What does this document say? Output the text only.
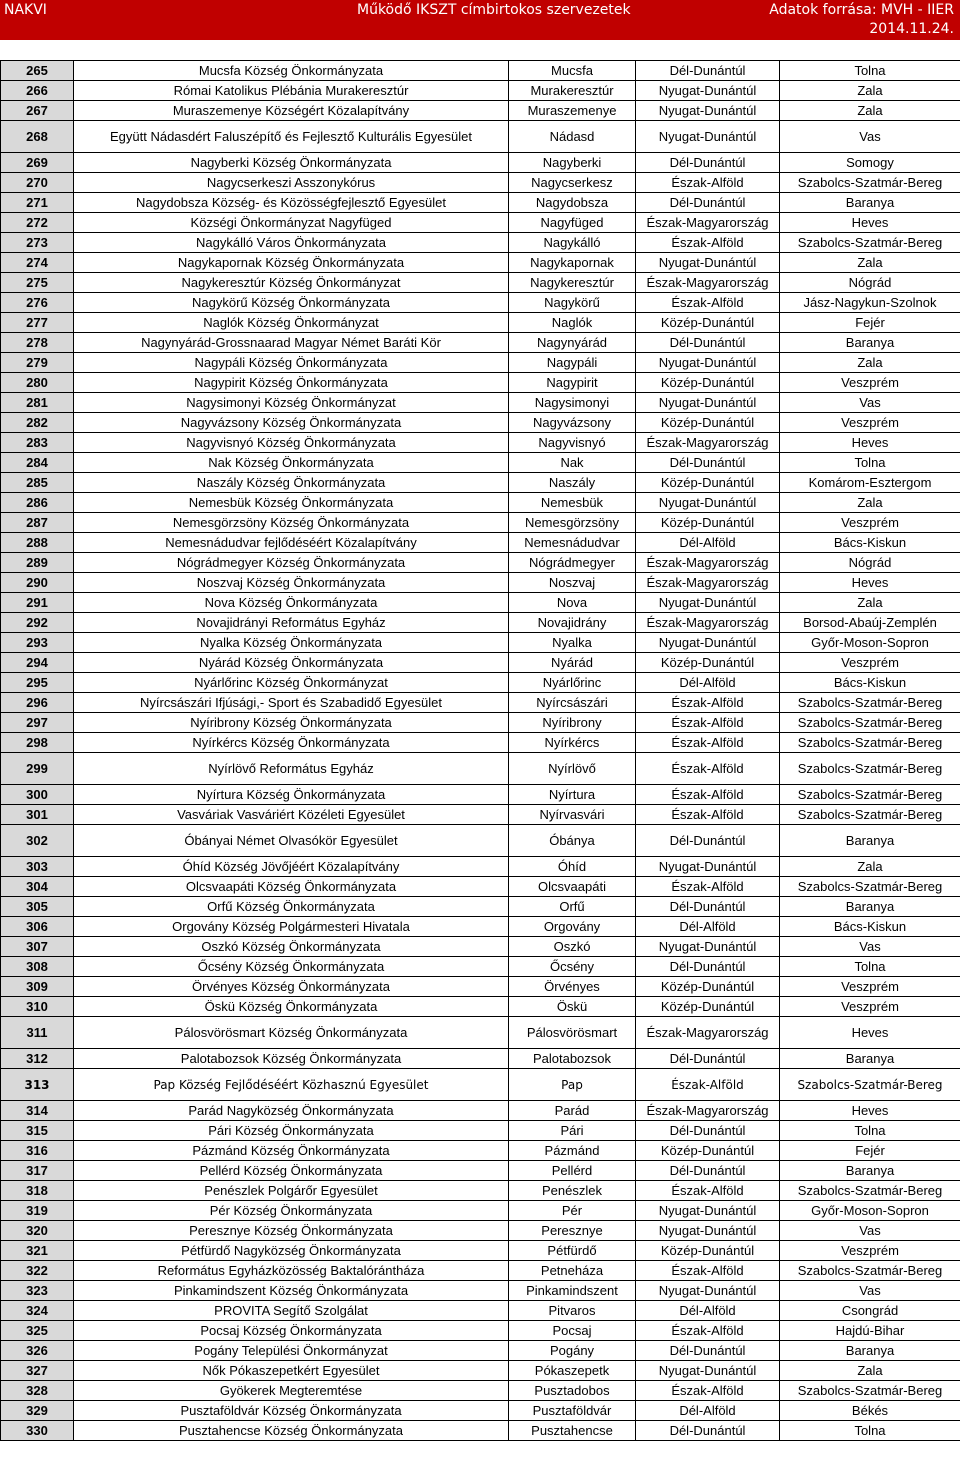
NAKVI	Működő IKSZT címbirtokos szervezetek	Adatok forrása: MVH - IIER
2014.11.24.
265	Mucsfa Község Önkormányzata	Mucsfa	Dél-Dunántúl	Tolna
266	Római Katolikus Plébánia Murakeresztúr	Murakeresztúr	Nyugat-Dunántúl	Zala
267	Muraszemenye Községért Közalapítvány	Muraszemenye	Nyugat-Dunántúl	Zala
268	Együtt Nádasdért Faluszépítő és Fejlesztő Kulturális Egyesület	Nádasd	Nyugat-Dunántúl	Vas
269	Nagyberki Község Önkormányzata	Nagyberki	Dél-Dunántúl	Somogy
270	Nagycserkeszi Asszonykórus	Nagycserkesz	Észak-Alföld	Szabolcs-Szatmár-Bereg
271	Nagydobsza Község- és Közösségfejlesztő Egyesület	Nagydobsza	Dél-Dunántúl	Baranya
272	Községi Önkormányzat Nagyfüged	Nagyfüged	Észak-Magyarország	Heves
273	Nagykálló Város Önkormányzata	Nagykálló	Észak-Alföld	Szabolcs-Szatmár-Bereg
274	Nagykapornak Község Önkormányzata	Nagykapornak	Nyugat-Dunántúl	Zala
275	Nagykeresztúr Község Önkormányzat	Nagykeresztúr	Észak-Magyarország	Nógrád
276	Nagykörű Község Önkormányzata	Nagykörű	Észak-Alföld	Jász-Nagykun-Szolnok
277	Naglók Község Önkormányzat	Naglók	Közép-Dunántúl	Fejér
278	Nagynyárád-Grossnaarad Magyar Német Baráti Kör	Nagynyárád	Dél-Dunántúl	Baranya
279	Nagypáli Község Önkormányzata	Nagypáli	Nyugat-Dunántúl	Zala
280	Nagypirit Község Önkormányzata	Nagypirit	Közép-Dunántúl	Veszprém
281	Nagysimonyi Község Önkormányzat	Nagysimonyi	Nyugat-Dunántúl	Vas
282	Nagyvázsony Község Önkormányzata	Nagyvázsony	Közép-Dunántúl	Veszprém
283	Nagyvisnyó Község Önkormányzata	Nagyvisnyó	Észak-Magyarország	Heves
284	Nak Község Önkormányzata	Nak	Dél-Dunántúl	Tolna
285	Naszály Község Önkormányzata	Naszály	Közép-Dunántúl	Komárom-Esztergom
286	Nemesbük Község Önkormányzata	Nemesbük	Nyugat-Dunántúl	Zala
287	Nemesgörzsöny Község Önkormányzata	Nemesgörzsöny	Közép-Dunántúl	Veszprém
288	Nemesnádudvar fejlődéséért Közalapítvány	Nemesnádudvar	Dél-Alföld	Bács-Kiskun
289	Nógrádmegyer Község Önkormányzata	Nógrádmegyer	Észak-Magyarország	Nógrád
290	Noszvaj Község Önkormányzata	Noszvaj	Észak-Magyarország	Heves
291	Nova Község Önkormányzata	Nova	Nyugat-Dunántúl	Zala
292	Novajidrányi Református Egyház	Novajidrány	Észak-Magyarország	Borsod-Abaúj-Zemplén
293	Nyalka Község Önkormányzata	Nyalka	Nyugat-Dunántúl	Győr-Moson-Sopron
294	Nyárád Község Önkormányzata	Nyárád	Közép-Dunántúl	Veszprém
295	Nyárlőrinc Község Önkormányzat	Nyárlőrinc	Dél-Alföld	Bács-Kiskun
296	Nyírcsászári Ifjúsági,- Sport és Szabadidő Egyesület	Nyírcsászári	Észak-Alföld	Szabolcs-Szatmár-Bereg
297	Nyíribrony Község Önkormányzata	Nyíribrony	Észak-Alföld	Szabolcs-Szatmár-Bereg
298	Nyírkércs Község Önkormányzata	Nyírkércs	Észak-Alföld	Szabolcs-Szatmár-Bereg
299	Nyírlövő Református Egyház	Nyírlövő	Észak-Alföld	Szabolcs-Szatmár-Bereg
300	Nyírtura Község Önkormányzata	Nyírtura	Észak-Alföld	Szabolcs-Szatmár-Bereg
301	Vasváriak Vasváriért Közéleti Egyesület	Nyírvasvári	Észak-Alföld	Szabolcs-Szatmár-Bereg
302	Óbányai Német Olvasókör Egyesület	Óbánya	Dél-Dunántúl	Baranya
303	Óhíd Község Jövőjéért Közalapítvány	Óhíd	Nyugat-Dunántúl	Zala
304	Olcsvaapáti Község Önkormányzata	Olcsvaapáti	Észak-Alföld	Szabolcs-Szatmár-Bereg
305	Orfű Község Önkormányzata	Orfű	Dél-Dunántúl	Baranya
306	Orgovány Község Polgármesteri Hivatala	Orgovány	Dél-Alföld	Bács-Kiskun
307	Oszkó Község Önkormányzata	Oszkó	Nyugat-Dunántúl	Vas
308	Őcsény Község Önkormányzata	Őcsény	Dél-Dunántúl	Tolna
309	Örvényes Község Önkormányzata	Örvényes	Közép-Dunántúl	Veszprém
310	Öskü Község Önkormányzata	Öskü	Közép-Dunántúl	Veszprém
311	Pálosvörösmart Község Önkormányzata	Pálosvörösmart	Észak-Magyarország	Heves
312	Palotabozsok Község Önkormányzata	Palotabozsok	Dél-Dunántúl	Baranya
313	Pap Község Fejlődéséért Közhasznú Egyesület	Pap	Észak-Alföld	Szabolcs-Szatmár-Bereg
314	Parád Nagyközség Önkormányzata	Parád	Észak-Magyarország	Heves
315	Pári Község Önkormányzata	Pári	Dél-Dunántúl	Tolna
316	Pázmánd Község Önkormányzata	Pázmánd	Közép-Dunántúl	Fejér
317	Pellérd Község Önkormányzata	Pellérd	Dél-Dunántúl	Baranya
318	Penészlek Polgárőr Egyesület	Penészlek	Észak-Alföld	Szabolcs-Szatmár-Bereg
319	Pér Község Önkormányzata	Pér	Nyugat-Dunántúl	Győr-Moson-Sopron
320	Peresznye Község Önkormányzata	Peresznye	Nyugat-Dunántúl	Vas
321	Pétfürdő Nagyközség Önkormányzata	Pétfürdő	Közép-Dunántúl	Veszprém
322	Református Egyházközösség Baktalórántháza	Petneháza	Észak-Alföld	Szabolcs-Szatmár-Bereg
323	Pinkamindszent Község Önkormányzata	Pinkamindszent	Nyugat-Dunántúl	Vas
324	PROVITA Segítő Szolgálat	Pitvaros	Dél-Alföld	Csongrád
325	Pocsaj Község Önkormányzata	Pocsaj	Észak-Alföld	Hajdú-Bihar
326	Pogány Települési Önkormányzat	Pogány	Dél-Dunántúl	Baranya
327	Nők Pókaszepetkért Egyesület	Pókaszepetk	Nyugat-Dunántúl	Zala
328	Gyökerek Megteremtése	Pusztadobos	Észak-Alföld	Szabolcs-Szatmár-Bereg
329	Pusztaföldvár Község Önkormányzata	Pusztaföldvár	Dél-Alföld	Békés
330	Pusztahencse Község Önkormányzata	Pusztahencse	Dél-Dunántúl	Tolna
